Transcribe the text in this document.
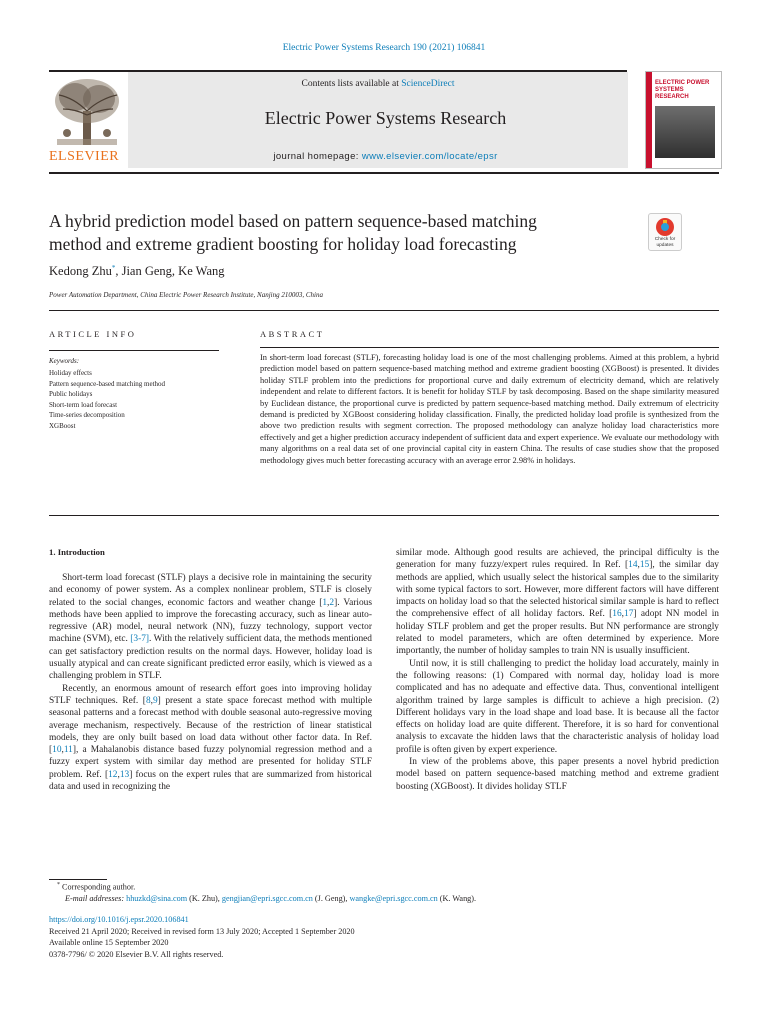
Electric Power Systems Research 190 (2021) 106841
Contents lists available at ScienceDirect
Electric Power Systems Research
journal homepage: www.elsevier.com/locate/epsr
ELSEVIER
ELECTRIC POWER
SYSTEMS RESEARCH
A hybrid prediction model based on pattern sequence-based matching
method and extreme gradient boosting for holiday load forecasting	Check for updates
Kedong Zhu*, Jian Geng, Ke Wang
Power Automation Department, China Electric Power Research Institute, Nanjing 210003, China
ARTICLE INFO	ABSTRACT
Keywords:
Holiday effects
Pattern sequence-based matching method
Public holidays
Short-term load forecast
Time-series decomposition
XGBoost
In short-term load forecast (STLF), forecasting holiday load is one of the most challenging problems. Aimed at this problem, a hybrid prediction model based on pattern sequence-based matching method and extreme gradient boosting (XGBoost) is presented. It divides holiday STLF problem into the predictions for proportional curve and daily extremum of electricity demand, which are relatively independent and relate to different factors. It is benefit for holiday STLF by task decomposing. Based on the shape similarity measured by Euclidean distance, the proportional curve is predicted by pattern sequence-based matching method. Daily extremum of electricity demand is predicted by XGBoost considering holiday classification. Finally, the predicted holiday load profile is synthesized from the above two prediction results with segment correction. The proposed methodology can analyze holiday load characteristics more effectively and get a higher prediction accuracy independent of sufficient data and expert experience. We evaluate our methodology with many algorithms on a real data set of one provincial capital city in eastern China. The results of case studies show that the proposed methodology gives much better forecasting accuracy with an average error 2.98% in holidays.
1. Introduction

Short-term load forecast (STLF) plays a decisive role in maintaining the security and economy of power system. As a complex nonlinear problem, STLF is closely related to the social changes, economic factors and weather change [1,2]. Various methods have been applied to improve the forecasting accuracy, such as linear auto-regressive (AR) model, neural network (NN), fuzzy technology, support vector machine (SVM), etc. [3-7]. With the relatively sufficient data, the methods mentioned can get satisfactory prediction results on the normal days. However, holiday load is usually atypical and can create significant predicted error easily, which is viewed as a challenging problem in STLF.

Recently, an enormous amount of research effort goes into improving holiday STLF techniques. Ref. [8,9] present a state space forecast method with multiple seasonal patterns and a forecast method with double seasonal auto-regressive moving average mechanism, respectively. Because of the restriction of linear statistical models, they are only built based on load data without other factor data. In Ref. [10,11], a Mahalanobis distance based fuzzy polynomial regression method and a fuzzy expert system with similar day method are presented for holiday STLF problem. Ref. [12,13] focus on the expert rules that are summarized from historical data and used in recognizing the

similar mode. Although good results are achieved, the principal difficulty is the generation for many fuzzy/expert rules required. In Ref. [14,15], the similar day methods are applied, which usually select the historical samples due to the similarity with some typical factors to sort. However, more different factors will have different impacts on holiday load so that the selected historical similar sample is hard to reflect the comprehensive effect of all holiday factors. Ref. [16,17] adopt NN model in holiday STLF problem and get the proper results. But NN performance are strongly related to model parameters, which are often determined by experience. More importantly, the number of holiday samples to train NN is usually insufficient.

Until now, it is still challenging to predict the holiday load accurately, mainly in the following reasons: (1) Compared with normal day, holiday load is more complicated and has no adequate and effective data. Thus, conventional intelligent algorithm trained by large samples is difficult to achieve a high precision. (2) Different holidays vary in the load shape and load base. It is because all the factor effects on holiday load are quite different. Therefore, it is so hard for conventional analysis to excavate the hidden laws that the characteristic analysis of holiday load profile is often given by expert experience.

In view of the problems above, this paper presents a novel hybrid prediction model based on pattern sequence-based matching method and extreme gradient boosting (XGBoost). It divides holiday STLF

* Corresponding author.
E-mail addresses: hhuzkd@sina.com (K. Zhu), gengjian@epri.sgcc.com.cn (J. Geng), wangke@epri.sgcc.com.cn (K. Wang).
https://doi.org/10.1016/j.epsr.2020.106841
Received 21 April 2020; Received in revised form 13 July 2020; Accepted 1 September 2020
Available online 15 September 2020
0378-7796/ © 2020 Elsevier B.V. All rights reserved.
